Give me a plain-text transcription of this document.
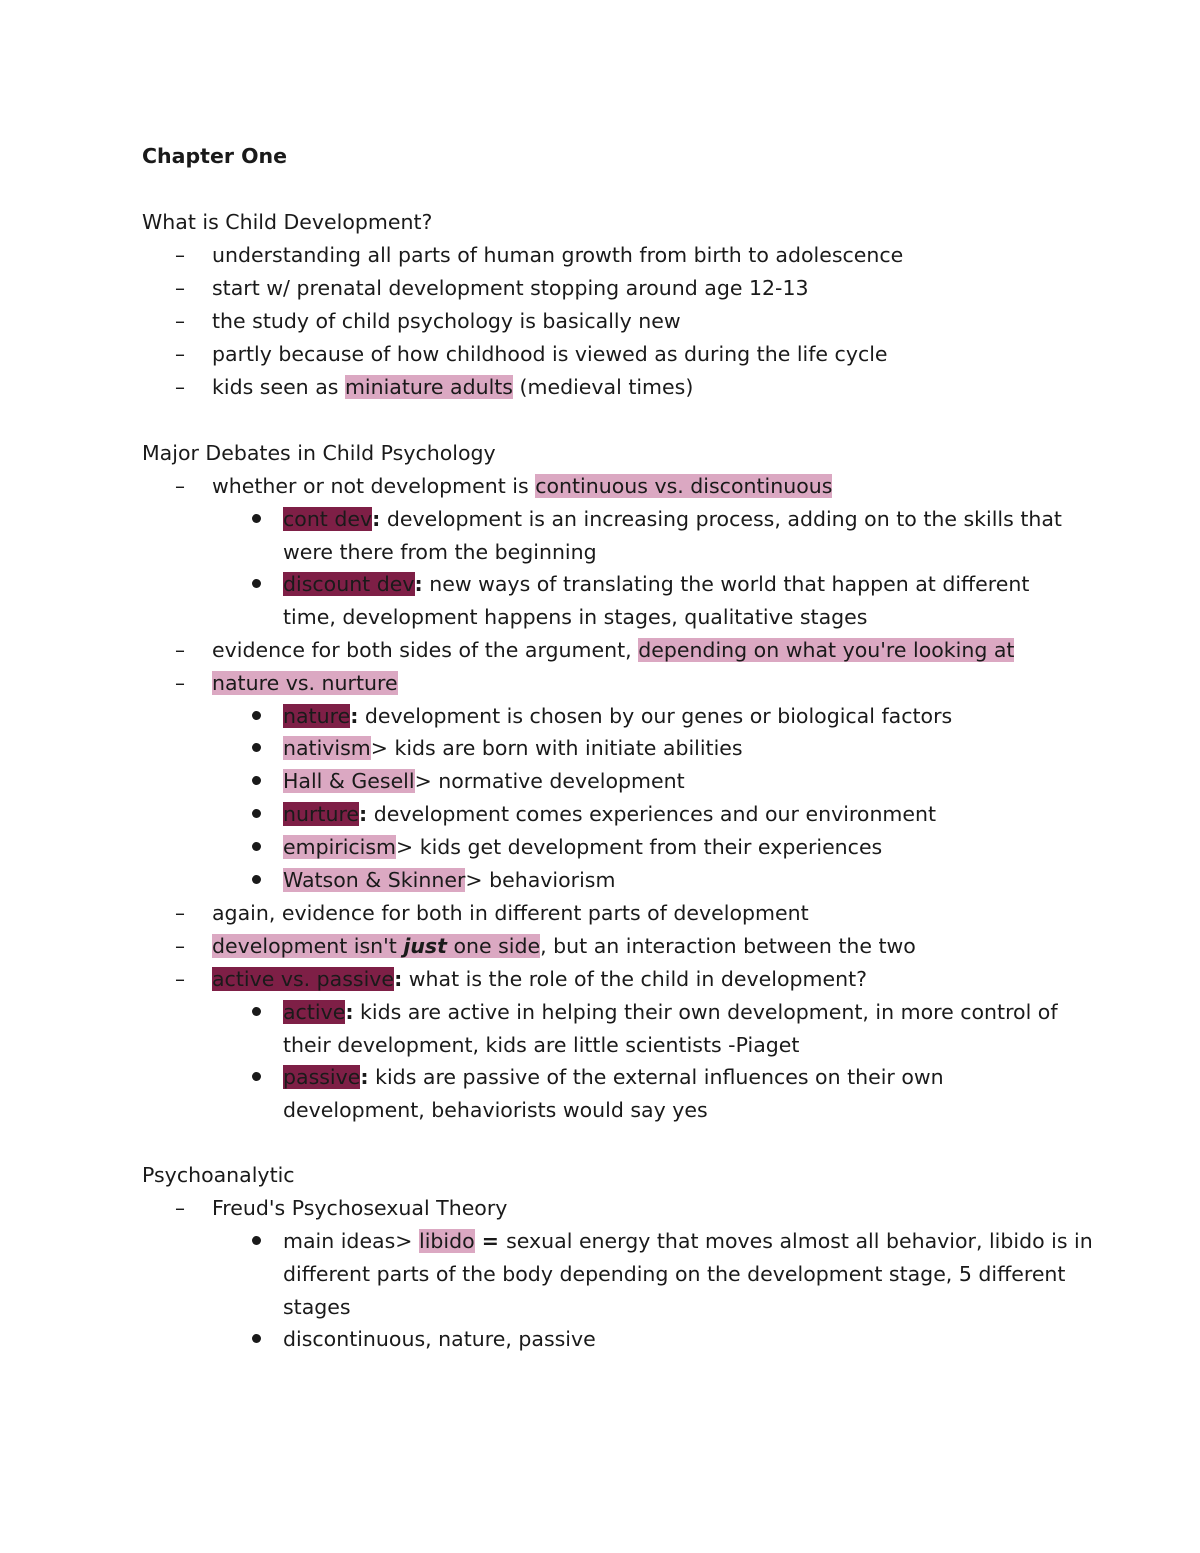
Chapter One
What is Child Development?
– understanding all parts of human growth from birth to adolescence
– start w/ prenatal development stopping around age 12-13
– the study of child psychology is basically new
– partly because of how childhood is viewed as during the life cycle
– kids seen as miniature adults (medieval times)
Major Debates in Child Psychology
– whether or not development is continuous vs. discontinuous
cont dev: development is an increasing process, adding on to the skills that
were there from the beginning
discount dev: new ways of translating the world that happen at different
time, development happens in stages, qualitative stages
– evidence for both sides of the argument, depending on what you're looking at
– nature vs. nurture
nature: development is chosen by our genes or biological factors
nativism> kids are born with initiate abilities
Hall & Gesell> normative development
nurture: development comes experiences and our environment
empiricism> kids get development from their experiences
Watson & Skinner> behaviorism
– again, evidence for both in different parts of development
– development isn't just one side, but an interaction between the two
– active vs. passive: what is the role of the child in development?
active: kids are active in helping their own development, in more control of
their development, kids are little scientists -Piaget
passive: kids are passive of the external influences on their own
development, behaviorists would say yes
Psychoanalytic
– Freud's Psychosexual Theory
main ideas> libido = sexual energy that moves almost all behavior, libido is in
different parts of the body depending on the development stage, 5 different
stages
discontinuous, nature, passive
